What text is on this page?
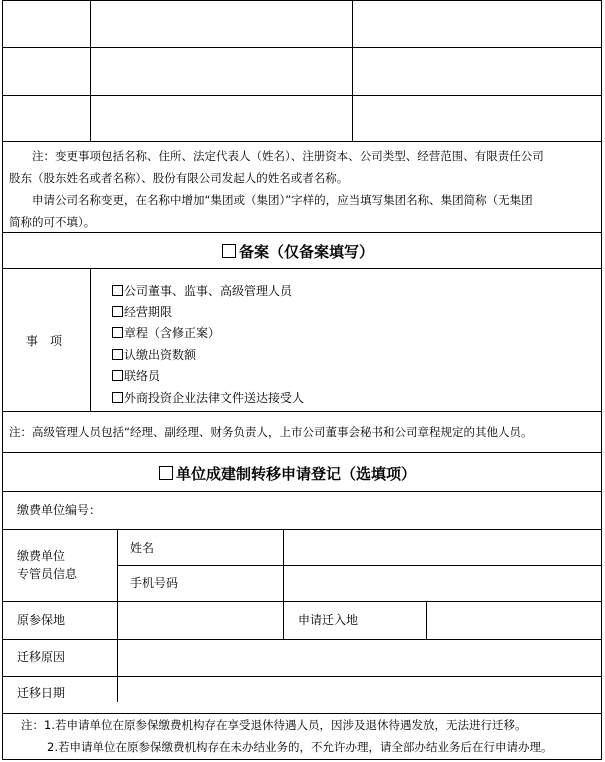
注：变更事项包括名称、住所、法定代表人（姓名）、注册资本、公司类型、经营范围、有限责任公司
股东（股东姓名或者名称）、股份有限公司发起人的姓名或者名称。
申请公司名称变更，在名称中增加“集团或（集团）”字样的，应当填写集团名称、集团简称（无集团
简称的可不填）。
备案（仅备案填写）
事　项
公司董事、监事、高级管理人员
经营期限
章程（含修正案）
认缴出资数额
联络员
外商投资企业法律文件送达接受人
注：高级管理人员包括“经理、副经理、财务负责人，上市公司董事会秘书和公司章程规定的其他人员。
单位成建制转移申请登记（选填项）
缴费单位编号：
缴费单位
专管员信息
姓名
手机号码
原参保地	申请迁入地
迁移原因
迁移日期
注：1.若申请单位在原参保缴费机构存在享受退休待遇人员，因涉及退休待遇发放，无法进行迁移。
2.若申请单位在原参保缴费机构存在未办结业务的，不允许办理，请全部办结业务后在行申请办理。
